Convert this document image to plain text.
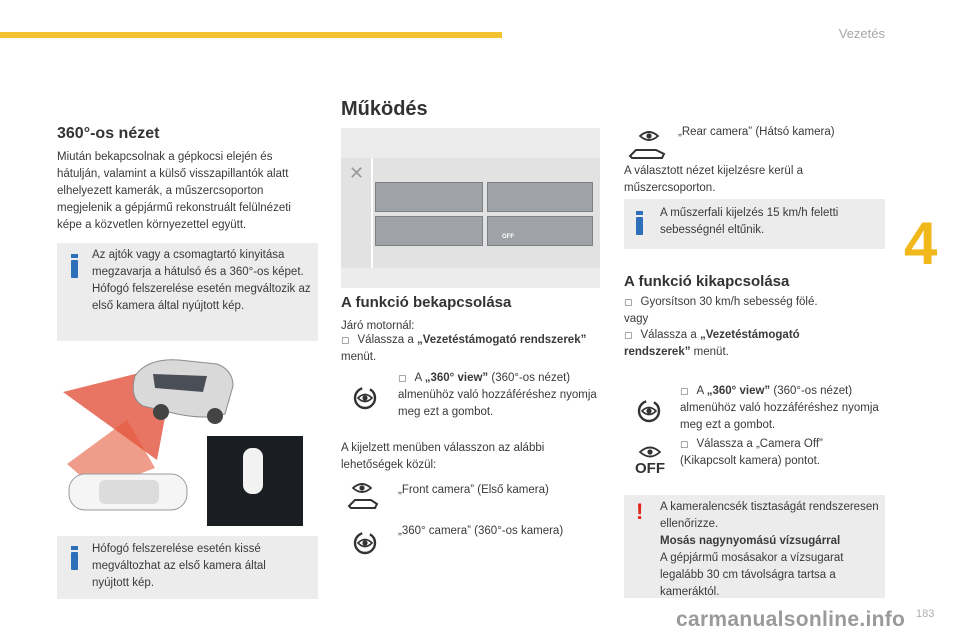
Vezetés
4
360°-os nézet
Miután bekapcsolnak a gépkocsi elején és hátulján, valamint a külső visszapillantók alatt elhelyezett kamerák, a műszercsoporton megjelenik a gépjármű rekonstruált felülnézeti képe a közvetlen környezettel együtt.
Az ajtók vagy a csomagtartó kinyitása megzavarja a hátulsó és a 360°-os képet.
Hófogó felszerelése esetén megváltozik az első kamera által nyújtott kép.
Hófogó felszerelése esetén kissé megváltozhat az első kamera által nyújtott kép.
Működés
✕
OFF
A funkció bekapcsolása
Járó motornál:
▢ Válassza a „Vezetéstámogató rendszerek” menüt.
▢ A „360° view” (360°-os nézet) almenühöz való hozzáféréshez nyomja meg ezt a gombot.
A kijelzett menüben válasszon az alábbi lehetőségek közül:
„Front camera” (Első kamera)
„360° camera” (360°-os kamera)
„Rear camera” (Hátsó kamera)
A választott nézet kijelzésre kerül a műszercsoporton.
A műszerfali kijelzés 15 km/h feletti sebességnél eltűnik.
A funkció kikapcsolása
▢ Gyorsítson 30 km/h sebesség fölé.
vagy
▢ Válassza a „Vezetéstámogató rendszerek” menüt.
▢ A „360° view” (360°-os nézet) almenühöz való hozzáféréshez nyomja meg ezt a gombot.
OFF
▢ Válassza a „Camera Off” (Kikapcsolt kamera) pontot.
! A kameralencsék tisztaságát rendszeresen ellenőrizze.
Mosás nagynyomású vízsugárral
A gépjármű mosásakor a vízsugarat legalább 30 cm távolságra tartsa a kameráktól.
carmanualsonline.info 183
